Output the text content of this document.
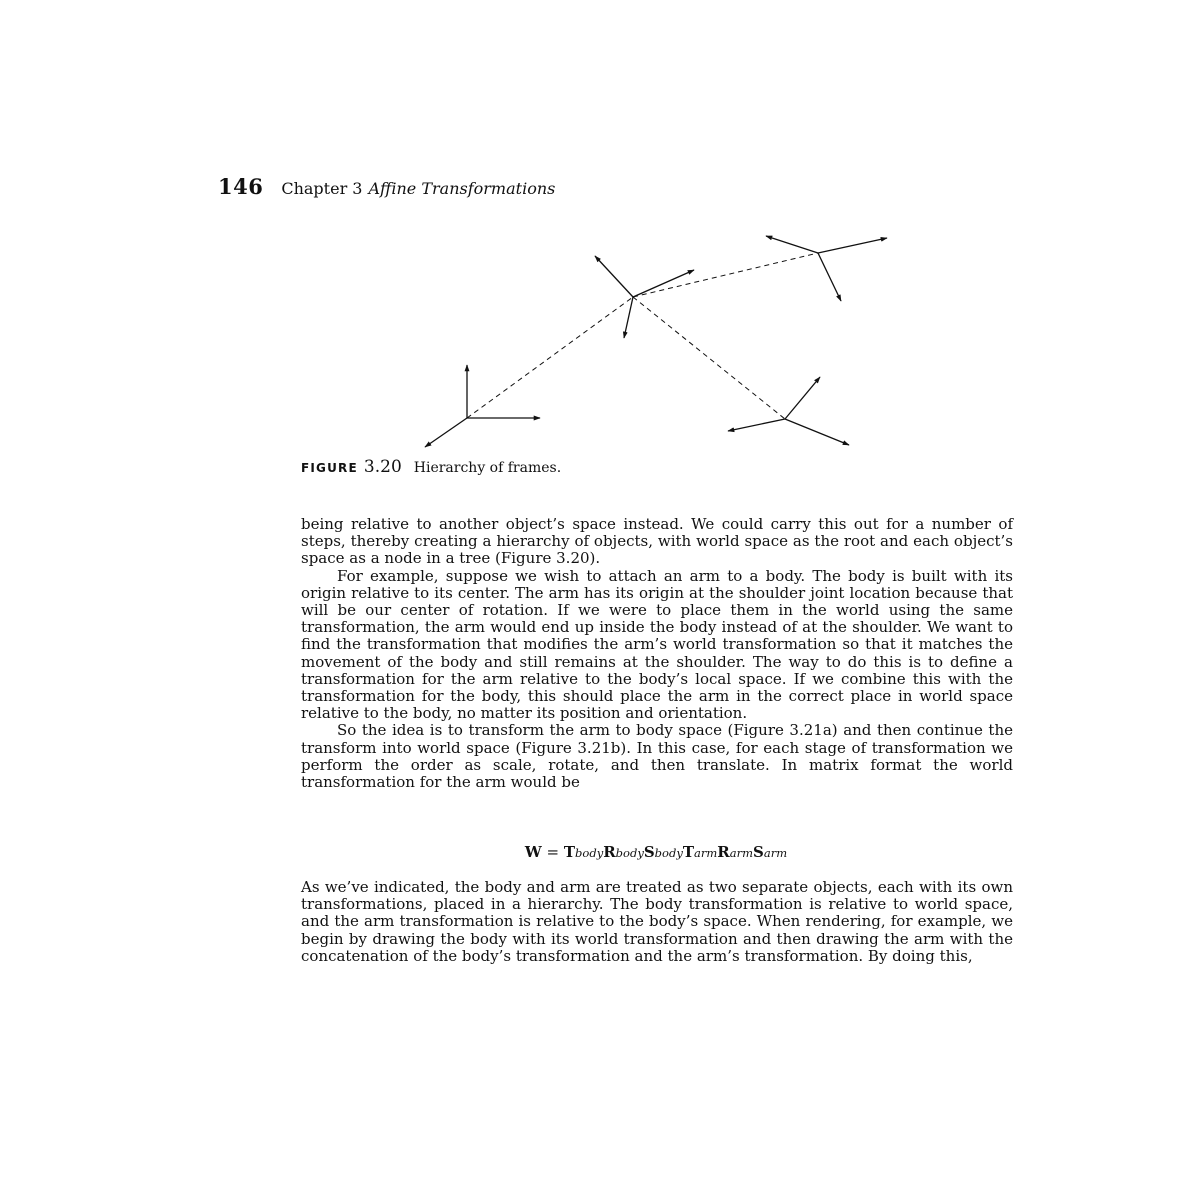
146 Chapter 3 Affine Transformations
FIGURE 3.20 Hierarchy of frames.

being relative to another object’s space instead. We could carry this out for a number of steps, thereby creating a hierarchy of objects, with world space as the root and each object’s space as a node in a tree (Figure 3.20).

For example, suppose we wish to attach an arm to a body. The body is built with its origin relative to its center. The arm has its origin at the shoulder joint location because that will be our center of rotation. If we were to place them in the world using the same transformation, the arm would end up inside the body instead of at the shoulder. We want to find the transformation that modifies the arm’s world transformation so that it matches the movement of the body and still remains at the shoulder. The way to do this is to define a transformation for the arm relative to the body’s local space. If we combine this with the transformation for the body, this should place the arm in the correct place in world space relative to the body, no matter its position and orientation.

So the idea is to transform the arm to body space (Figure 3.21a) and then continue the transform into world space (Figure 3.21b). In this case, for each stage of transformation we perform the order as scale, rotate, and then translate. In matrix format the world transformation for the arm would be

W = TbodyRbodySbodyTarmRarmSarm

As we’ve indicated, the body and arm are treated as two separate objects, each with its own transformations, placed in a hierarchy. The body transformation is relative to world space, and the arm transformation is relative to the body’s space. When rendering, for example, we begin by drawing the body with its world transformation and then drawing the arm with the concatenation of the body’s transformation and the arm’s transformation. By doing this,
